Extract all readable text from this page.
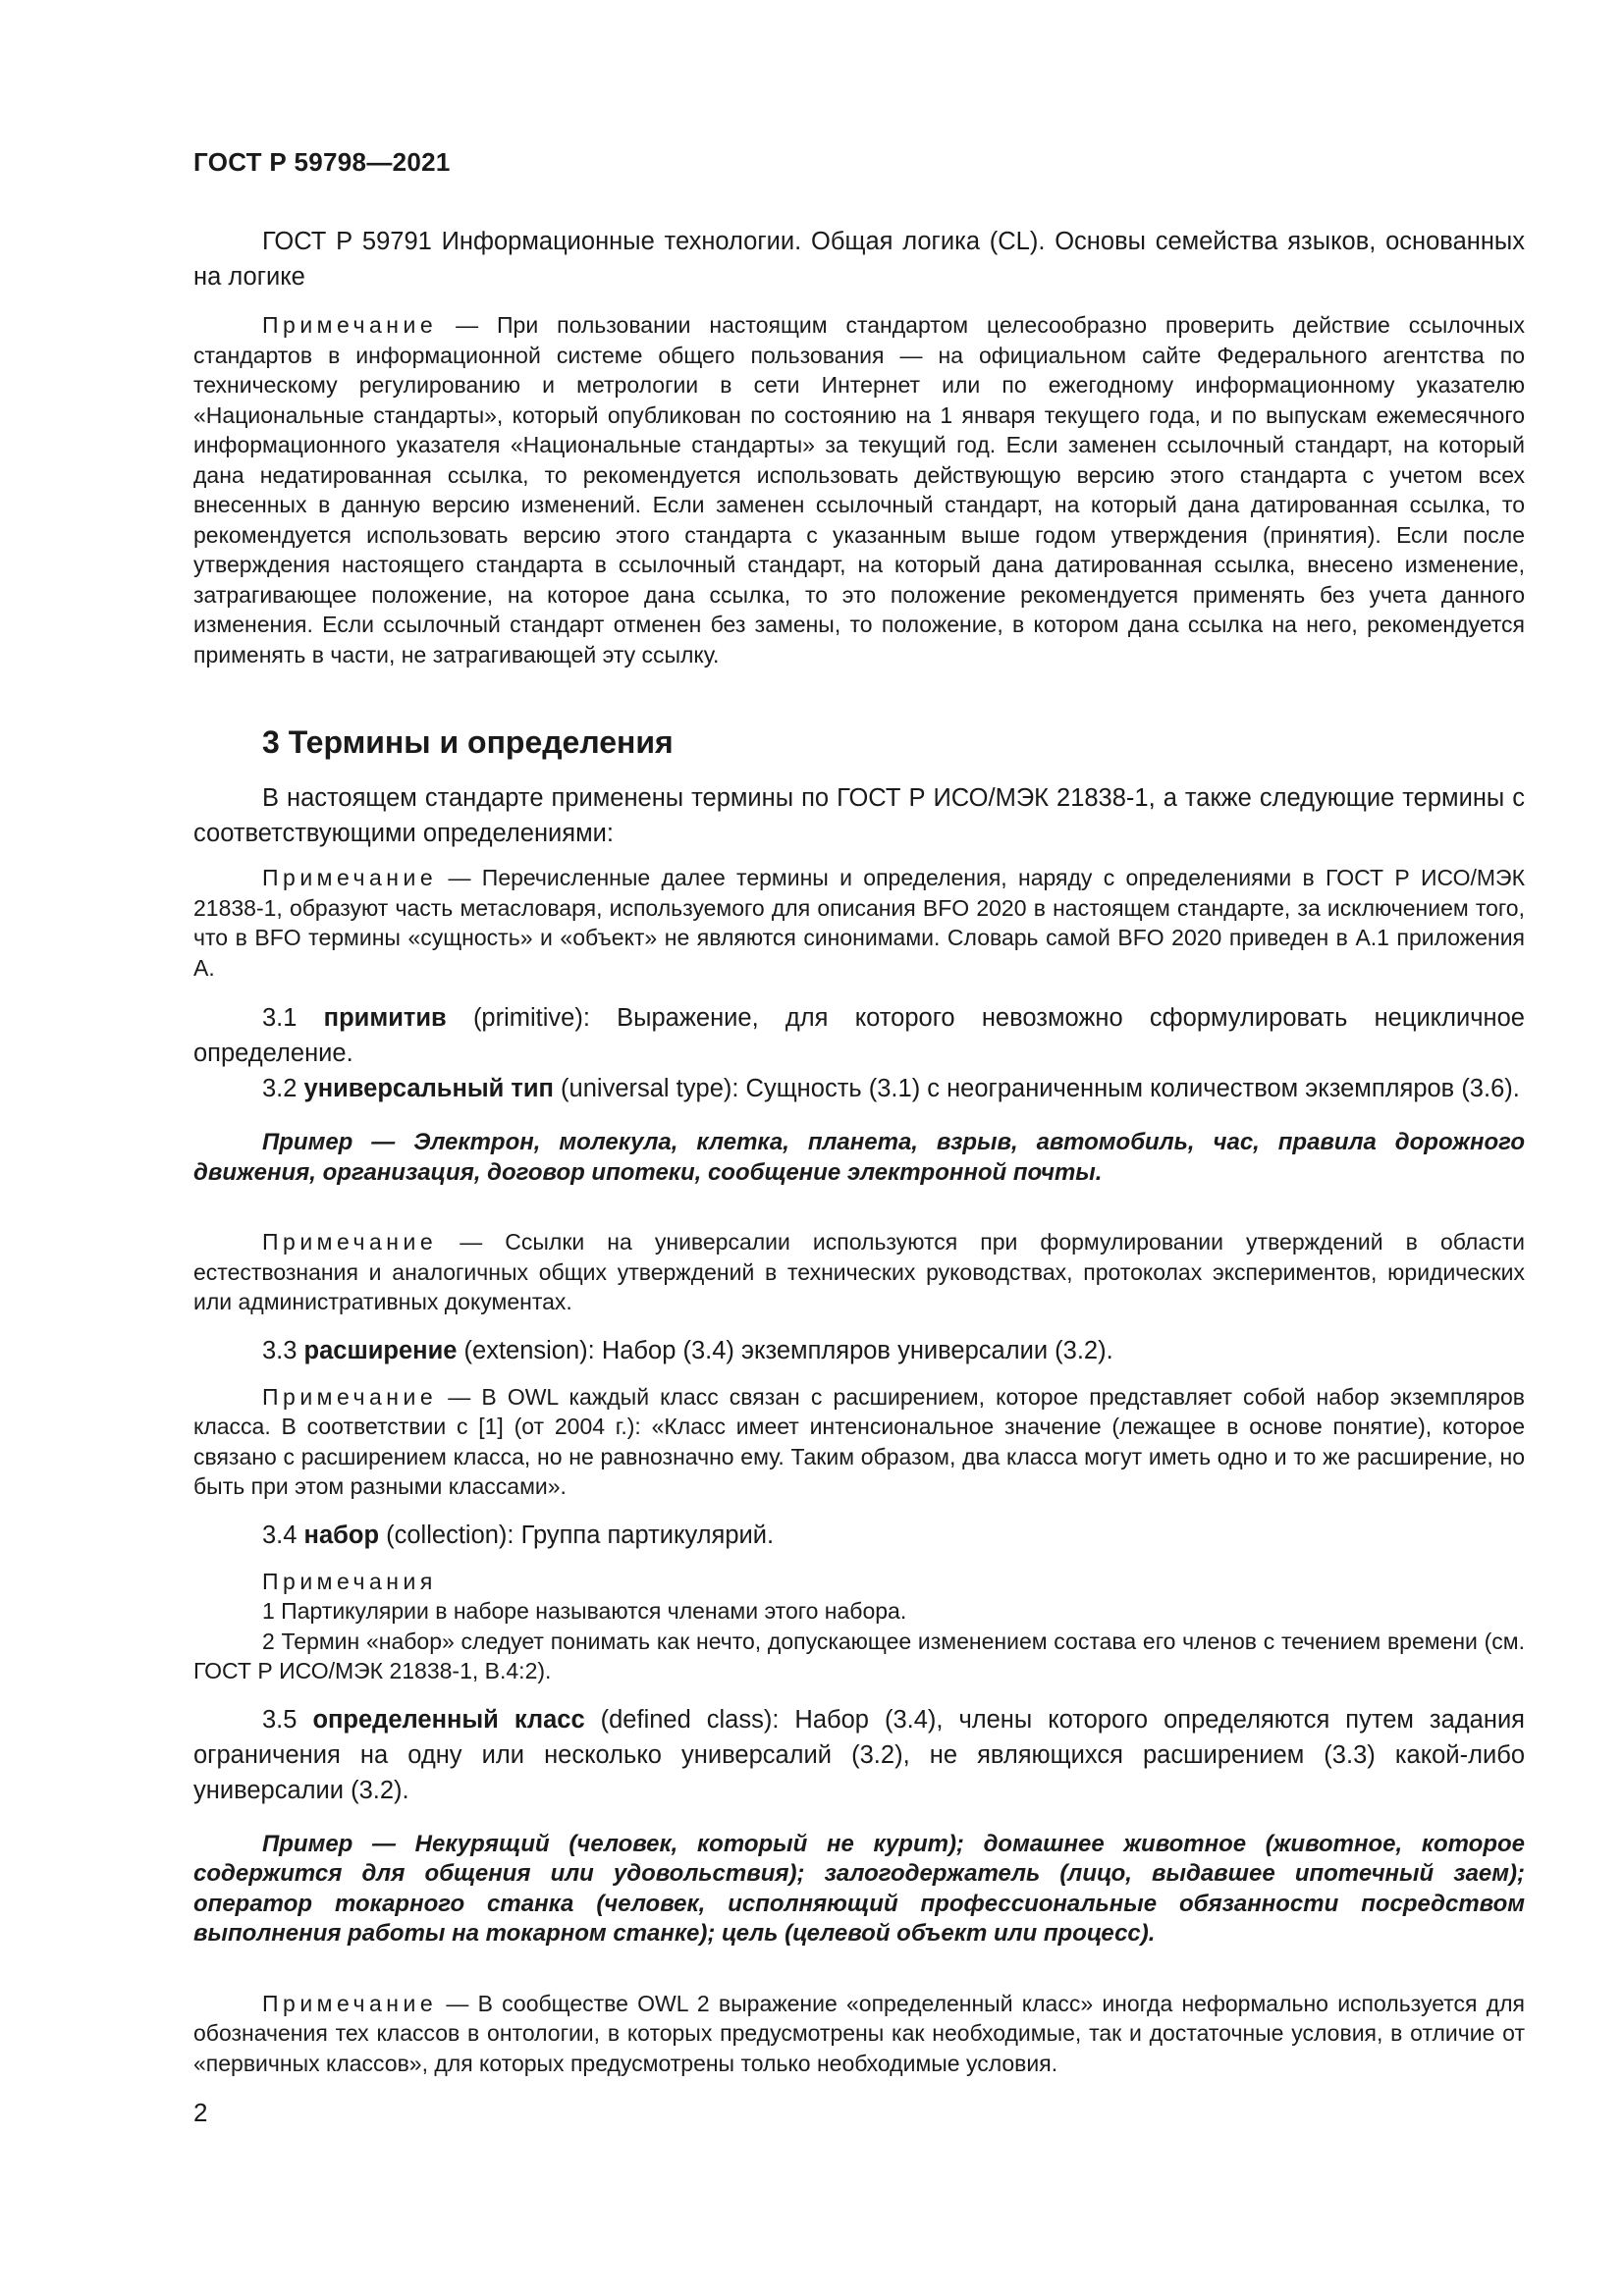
ГОСТ Р 59798—2021

ГОСТ Р 59791 Информационные технологии. Общая логика (CL). Основы семейства языков, основанных на логике

Примечание — При пользовании настоящим стандартом целесообразно проверить действие ссылочных стандартов в информационной системе общего пользования — на официальном сайте Федерального агентства по техническому регулированию и метрологии в сети Интернет или по ежегодному информационному указателю «Национальные стандарты», который опубликован по состоянию на 1 января текущего года, и по выпускам ежемесячного информационного указателя «Национальные стандарты» за текущий год. Если заменен ссылочный стандарт, на который дана недатированная ссылка, то рекомендуется использовать действующую версию этого стандарта с учетом всех внесенных в данную версию изменений. Если заменен ссылочный стандарт, на который дана датированная ссылка, то рекомендуется использовать версию этого стандарта с указанным выше годом утверждения (принятия). Если после утверждения настоящего стандарта в ссылочный стандарт, на который дана датированная ссылка, внесено изменение, затрагивающее положение, на которое дана ссылка, то это положение рекомендуется применять без учета данного изменения. Если ссылочный стандарт отменен без замены, то положение, в котором дана ссылка на него, рекомендуется применять в части, не затрагивающей эту ссылку.

3 Термины и определения

В настоящем стандарте применены термины по ГОСТ Р ИСО/МЭК 21838-1, а также следующие термины с соответствующими определениями:

Примечание — Перечисленные далее термины и определения, наряду с определениями в ГОСТ Р ИСО/МЭК 21838-1, образуют часть метасловаря, используемого для описания BFO 2020 в настоящем стандарте, за исключением того, что в BFO термины «сущность» и «объект» не являются синонимами. Словарь самой BFO 2020 приведен в А.1 приложения А.

3.1 примитив (primitive): Выражение, для которого невозможно сформулировать нецикличное определение.

3.2 универсальный тип (universal type): Сущность (3.1) с неограниченным количеством экземпляров (3.6).

Пример — Электрон, молекула, клетка, планета, взрыв, автомобиль, час, правила дорожного движения, организация, договор ипотеки, сообщение электронной почты.

Примечание — Ссылки на универсалии используются при формулировании утверждений в области естествознания и аналогичных общих утверждений в технических руководствах, протоколах экспериментов, юридических или административных документах.

3.3 расширение (extension): Набор (3.4) экземпляров универсалии (3.2).

Примечание — В OWL каждый класс связан с расширением, которое представляет собой набор экземпляров класса. В соответствии с [1] (от 2004 г.): «Класс имеет интенсиональное значение (лежащее в основе понятие), которое связано с расширением класса, но не равнозначно ему. Таким образом, два класса могут иметь одно и то же расширение, но быть при этом разными классами».

3.4 набор (collection): Группа партикулярий.

Примечания

1 Партикулярии в наборе называются членами этого набора.

2 Термин «набор» следует понимать как нечто, допускающее изменением состава его членов с течением времени (см. ГОСТ Р ИСО/МЭК 21838-1, В.4:2).

3.5 определенный класс (defined class): Набор (3.4), члены которого определяются путем задания ограничения на одну или несколько универсалий (3.2), не являющихся расширением (3.3) какой-либо универсалии (3.2).

Пример — Некурящий (человек, который не курит); домашнее животное (животное, которое содержится для общения или удовольствия); залогодержатель (лицо, выдавшее ипотечный заем); оператор токарного станка (человек, исполняющий профессиональные обязанности посредством выполнения работы на токарном станке); цель (целевой объект или процесс).

Примечание — В сообществе OWL 2 выражение «определенный класс» иногда неформально используется для обозначения тех классов в онтологии, в которых предусмотрены как необходимые, так и достаточные условия, в отличие от «первичных классов», для которых предусмотрены только необходимые условия.

2
